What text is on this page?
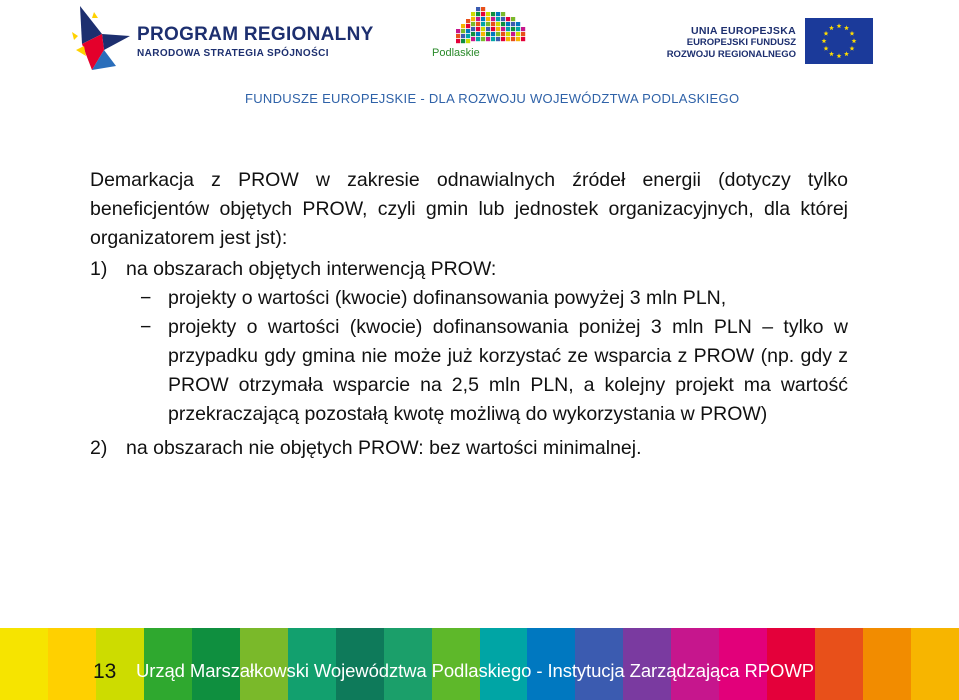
PROGRAM REGIONALNY
NARODOWA STRATEGIA SPÓJNOŚCI	Podlaskie
UNIA EUROPEJSKA
EUROPEJSKI FUNDUSZ
ROZWOJU REGIONALNEGO
FUNDUSZE EUROPEJSKIE - DLA ROZWOJU WOJEWÓDZTWA PODLASKIEGO

Demarkacja z PROW w zakresie odnawialnych źródeł energii (dotyczy tylko beneficjentów objętych PROW, czyli gmin lub jednostek organizacyjnych, dla której organizatorem jest jst):

1) na obszarach objętych interwencją PROW:
− projekty o wartości (kwocie) dofinansowania powyżej 3 mln PLN,
− projekty o wartości (kwocie) dofinansowania poniżej 3 mln PLN – tylko w przypadku gdy gmina nie może już korzystać ze wsparcia z PROW (np. gdy z PROW otrzymała wsparcie na 2,5 mln PLN, a kolejny projekt ma wartość przekraczającą pozostałą kwotę możliwą do wykorzystania w PROW)
2) na obszarach nie objętych PROW: bez wartości minimalnej.
13 Urząd Marszałkowski Województwa Podlaskiego - Instytucja Zarządzająca RPOWP
